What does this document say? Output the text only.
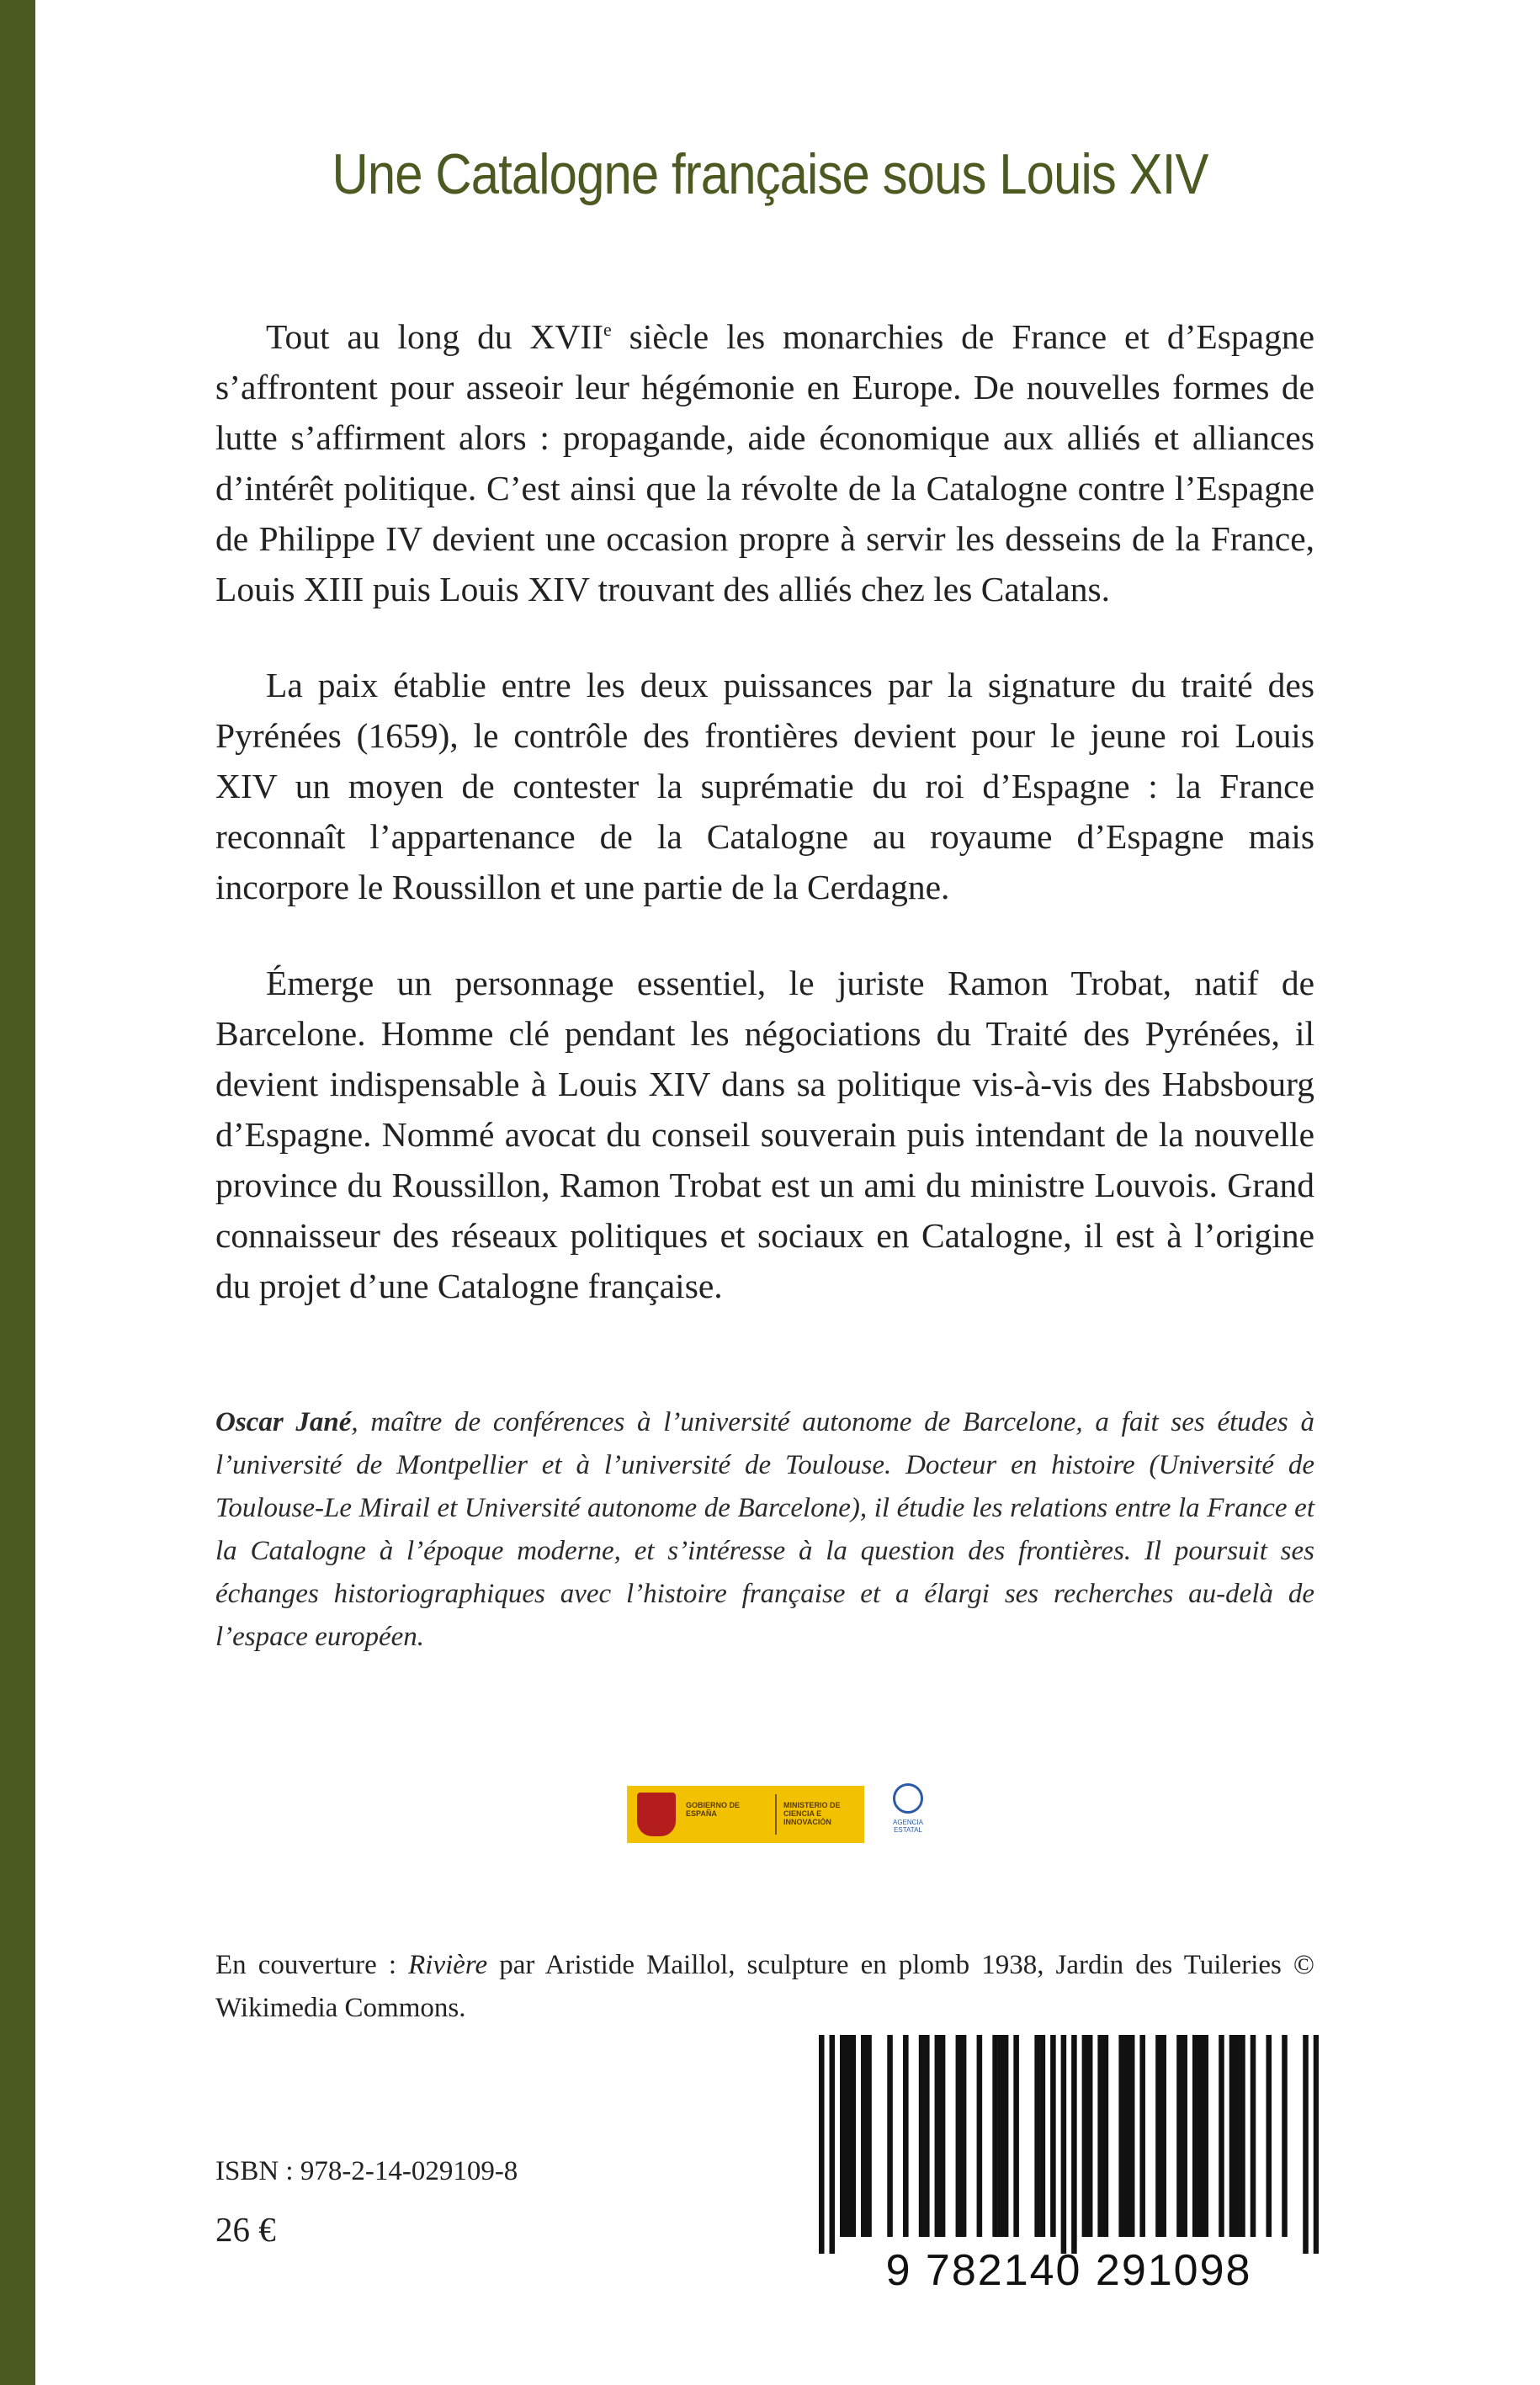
Une Catalogne française sous Louis XIV

Tout au long du XVIIe siècle les monarchies de France et d’Espagne s’affrontent pour asseoir leur hégémonie en Europe. De nouvelles formes de lutte s’affirment alors : propagande, aide économique aux alliés et alliances d’intérêt politique. C’est ainsi que la révolte de la Catalogne contre l’Espagne de Philippe IV devient une occasion propre à servir les desseins de la France, Louis XIII puis Louis XIV trouvant des alliés chez les Catalans.

La paix établie entre les deux puissances par la signature du traité des Pyrénées (1659), le contrôle des frontières devient pour le jeune roi Louis XIV un moyen de contester la suprématie du roi d’Espagne : la France reconnaît l’appartenance de la Catalogne au royaume d’Espagne mais incorpore le Roussillon et une partie de la Cerdagne.

Émerge un personnage essentiel, le juriste Ramon Trobat, natif de Barcelone. Homme clé pendant les négociations du Traité des Pyrénées, il devient indispensable à Louis XIV dans sa politique vis-à-vis des Habsbourg d’Espagne. Nommé avocat du conseil souverain puis intendant de la nouvelle province du Roussillon, Ramon Trobat est un ami du ministre Louvois. Grand connaisseur des réseaux politiques et sociaux en Catalogne, il est à l’origine du projet d’une Catalogne française.

Oscar Jané, maître de conférences à l’université autonome de Barcelone, a fait ses études à l’université de Montpellier et à l’université de Toulouse. Docteur en histoire (Université de Toulouse-Le Mirail et Université autonome de Barcelone), il étudie les relations entre la France et la Catalogne à l’époque moderne, et s’intéresse à la question des frontières. Il poursuit ses échanges historiographiques avec l’histoire française et a élargi ses recherches au-delà de l’espace européen.
GOBIERNO DE ESPAÑA
MINISTERIO DE CIENCIA E INNOVACIÓN	AGENCIA ESTATAL
En couverture : Rivière par Aristide Maillol, sculpture en plomb 1938, Jardin des Tuileries © Wikimedia Commons.
ISBN : 978-2-14-029109-8
26 €
9 782140 291098
